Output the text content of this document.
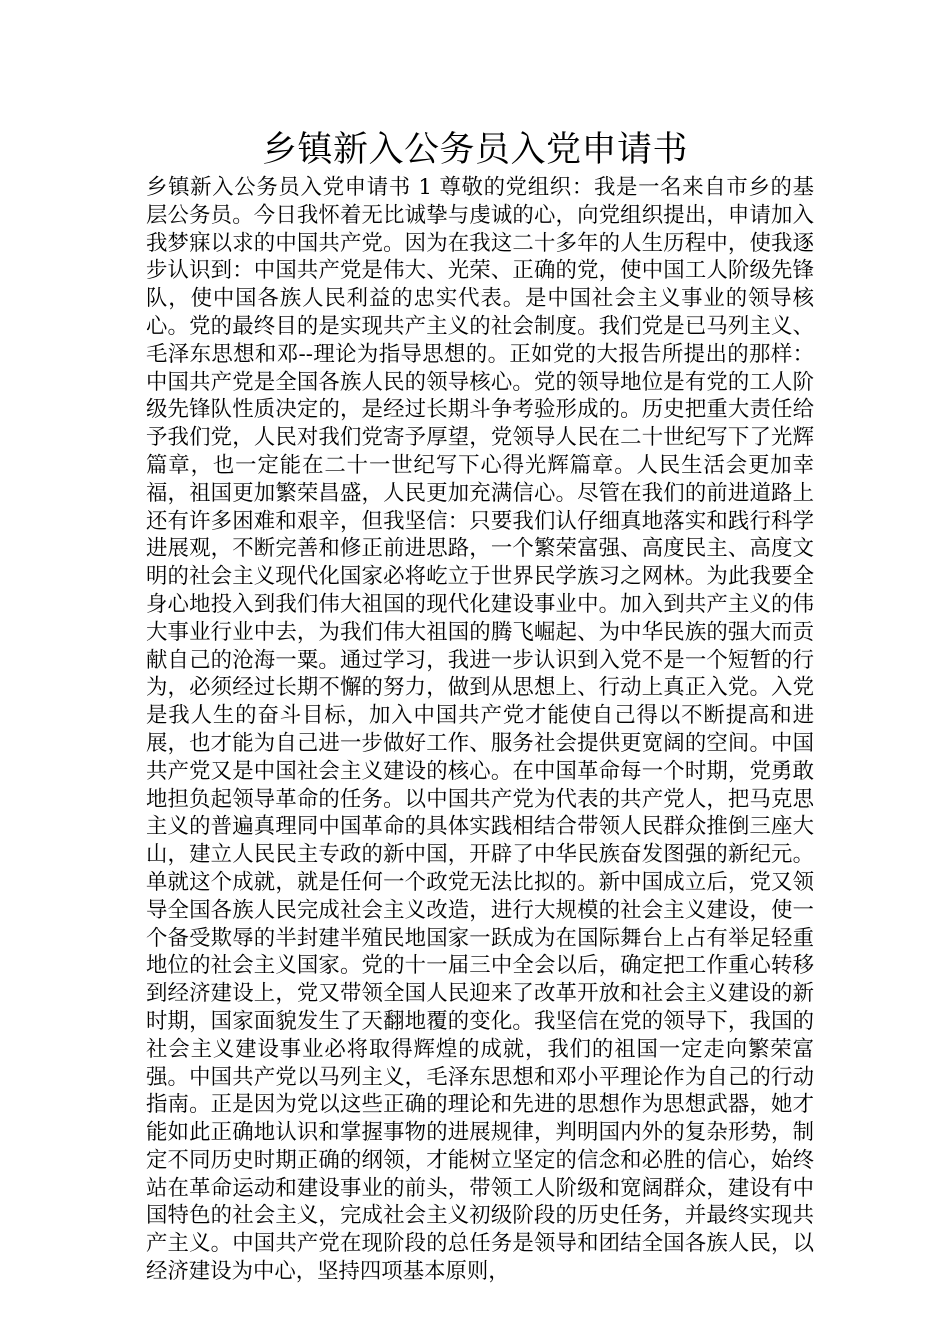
乡镇新入公务员入党申请书

乡镇新入公务员入党申请书 1 尊敬的党组织：我是一名来自市乡的基层公务员。今日我怀着无比诚挚与虔诚的心，向党组织提出，申请加入我梦寐以求的中国共产党。因为在我这二十多年的人生历程中，使我逐步认识到：中国共产党是伟大、光荣、正确的党，使中国工人阶级先锋队，使中国各族人民利益的忠实代表。是中国社会主义事业的领导核心。党的最终目的是实现共产主义的社会制度。我们党是已马列主义、毛泽东思想和邓--理论为指导思想的。正如党的大报告所提出的那样：中国共产党是全国各族人民的领导核心。党的领导地位是有党的工人阶级先锋队性质决定的，是经过长期斗争考验形成的。历史把重大责任给予我们党，人民对我们党寄予厚望，党领导人民在二十世纪写下了光辉篇章，也一定能在二十一世纪写下心得光辉篇章。人民生活会更加幸福，祖国更加繁荣昌盛，人民更加充满信心。尽管在我们的前进道路上还有许多困难和艰辛，但我坚信：只要我们认仔细真地落实和践行科学进展观，不断完善和修正前进思路，一个繁荣富强、高度民主、高度文明的社会主义现代化国家必将屹立于世界民学族习之网林。为此我要全身心地投入到我们伟大祖国的现代化建设事业中。加入到共产主义的伟大事业行业中去，为我们伟大祖国的腾飞崛起、为中华民族的强大而贡献自己的沧海一粟。通过学习，我进一步认识到入党不是一个短暂的行为，必须经过长期不懈的努力，做到从思想上、行动上真正入党。入党是我人生的奋斗目标，加入中国共产党才能使自己得以不断提高和进展，也才能为自己进一步做好工作、服务社会提供更宽阔的空间。中国共产党又是中国社会主义建设的核心。在中国革命每一个时期，党勇敢地担负起领导革命的任务。以中国共产党为代表的共产党人，把马克思主义的普遍真理同中国革命的具体实践相结合带领人民群众推倒三座大山，建立人民民主专政的新中国，开辟了中华民族奋发图强的新纪元。单就这个成就，就是任何一个政党无法比拟的。新中国成立后，党又领导全国各族人民完成社会主义改造，进行大规模的社会主义建设，使一个备受欺辱的半封建半殖民地国家一跃成为在国际舞台上占有举足轻重地位的社会主义国家。党的十一届三中全会以后，确定把工作重心转移到经济建设上，党又带领全国人民迎来了改革开放和社会主义建设的新时期，国家面貌发生了天翻地覆的变化。我坚信在党的领导下，我国的社会主义建设事业必将取得辉煌的成就，我们的祖国一定走向繁荣富强。中国共产党以马列主义，毛泽东思想和邓小平理论作为自己的行动指南。正是因为党以这些正确的理论和先进的思想作为思想武器，她才能如此正确地认识和掌握事物的进展规律，判明国内外的复杂形势，制定不同历史时期正确的纲领，才能树立坚定的信念和必胜的信心，始终站在革命运动和建设事业的前头，带领工人阶级和宽阔群众，建设有中国特色的社会主义，完成社会主义初级阶段的历史任务，并最终实现共产主义。中国共产党在现阶段的总任务是领导和团结全国各族人民，以经济建设为中心，坚持四项基本原则，
